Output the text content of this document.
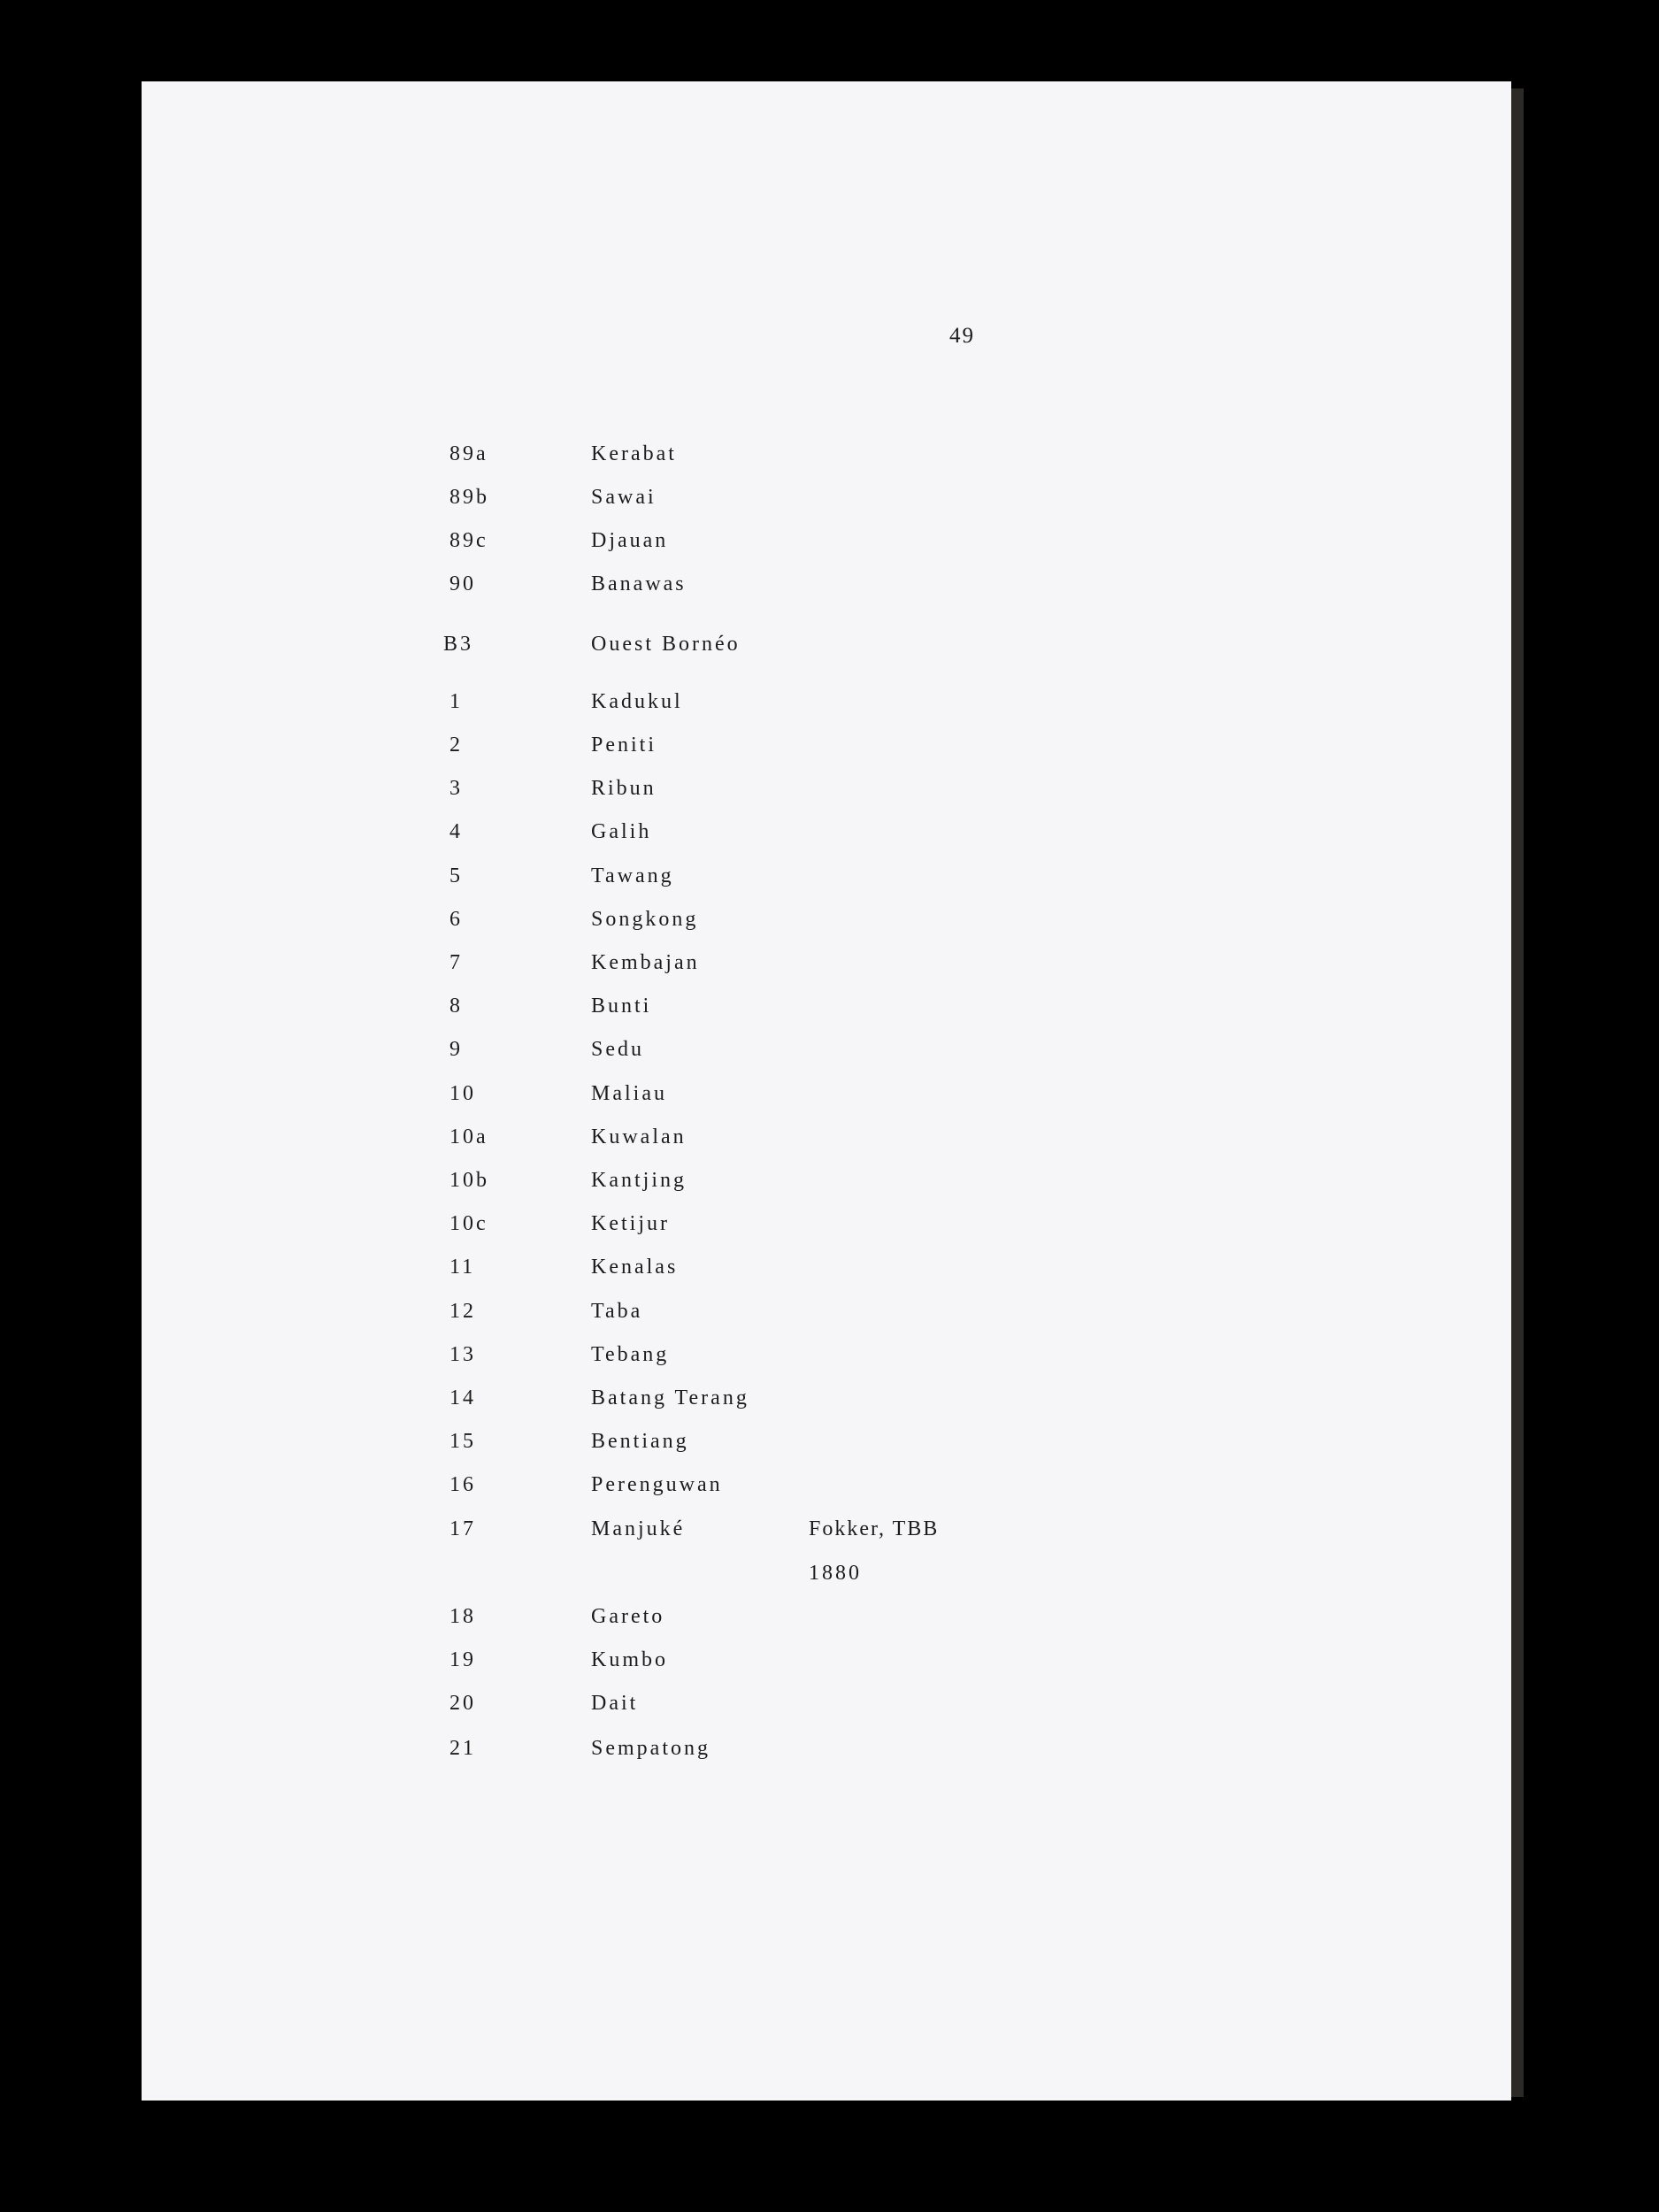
49
89a	Kerabat
89b	Sawai
89c	Djauan
90	Banawas
B3	Ouest Bornéo
1	Kadukul
2	Peniti
3	Ribun
4	Galih
5	Tawang
6	Songkong
7	Kembajan
8	Bunti
9	Sedu
10	Maliau
10a	Kuwalan
10b	Kantjing
10c	Ketijur
11	Kenalas
12	Taba
13	Tebang
14	Batang Terang
15	Bentiang
16	Perenguwan
17	Manjuké	Fokker, TBB
1880
18	Gareto
19	Kumbo
20	Dait
21	Sempatong
